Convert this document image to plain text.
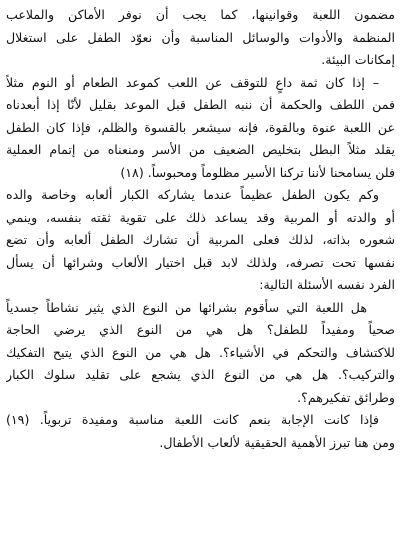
مضمون اللعبة وقوانينها، كما يجب أن نوفر الأماكن والملاعب
المنظمة والأدوات والوسائل المناسبة وأن نعوّد الطفل على استغلال
إمكانات البيئة.
– إذا كان ثمة داعٍ للتوقف عن اللعب كموعد الطعام أو النوم مثلاً
فمن اللطف والحكمة أن ننبه الطفل قبل الموعد بقليل لأنّا إذا أبعدناه
عن اللعبة عنوة وبالقوة، فإنه سيشعر بالقسوة والظلم، فإذا كان الطفل
يقلد مثلاً البطل بتخليص الضعيف من الأسر ومنعناه من إتمام العملية
فلن يسامحنا لأننا تركنا الأسير مظلوماً ومحبوساً. (١٨)
وكم يكون الطفل عظيماً عندما يشاركه الكبار ألعابه وخاصة والده
أو والدته أو المربية وقد يساعد ذلك على تقوية ثقته بنفسه، وينمي
شعوره بذاته، لذلك فعلى المربية أن تشارك الطفل ألعابه وأن تضع
نفسها تحت تصرفه، ولذلك لابد قبل اختيار الألعاب وشرائها أن يسأل
الفرد نفسه الأسئلة التالية:
هل اللعبة التي سأقوم بشرائها من النوع الذي يثير نشاطاً جسدياً
صحياً ومفيداً للطفل؟ هل هي من النوع الذي يرضي الحاجة
للاكتشاف والتحكم في الأشياء؟. هل هي من النوع الذي يتيح التفكيك
والتركيب؟. هل هي من النوع الذي يشجع على تقليد سلوك الكبار
وطرائق تفكيرهم؟.
فإذا كانت الإجابة بنعم كانت اللعبة مناسبة ومفيدة تربوياً. (١٩)
ومن هنا تبرز الأهمية الحقيقية لألعاب الأطفال.
